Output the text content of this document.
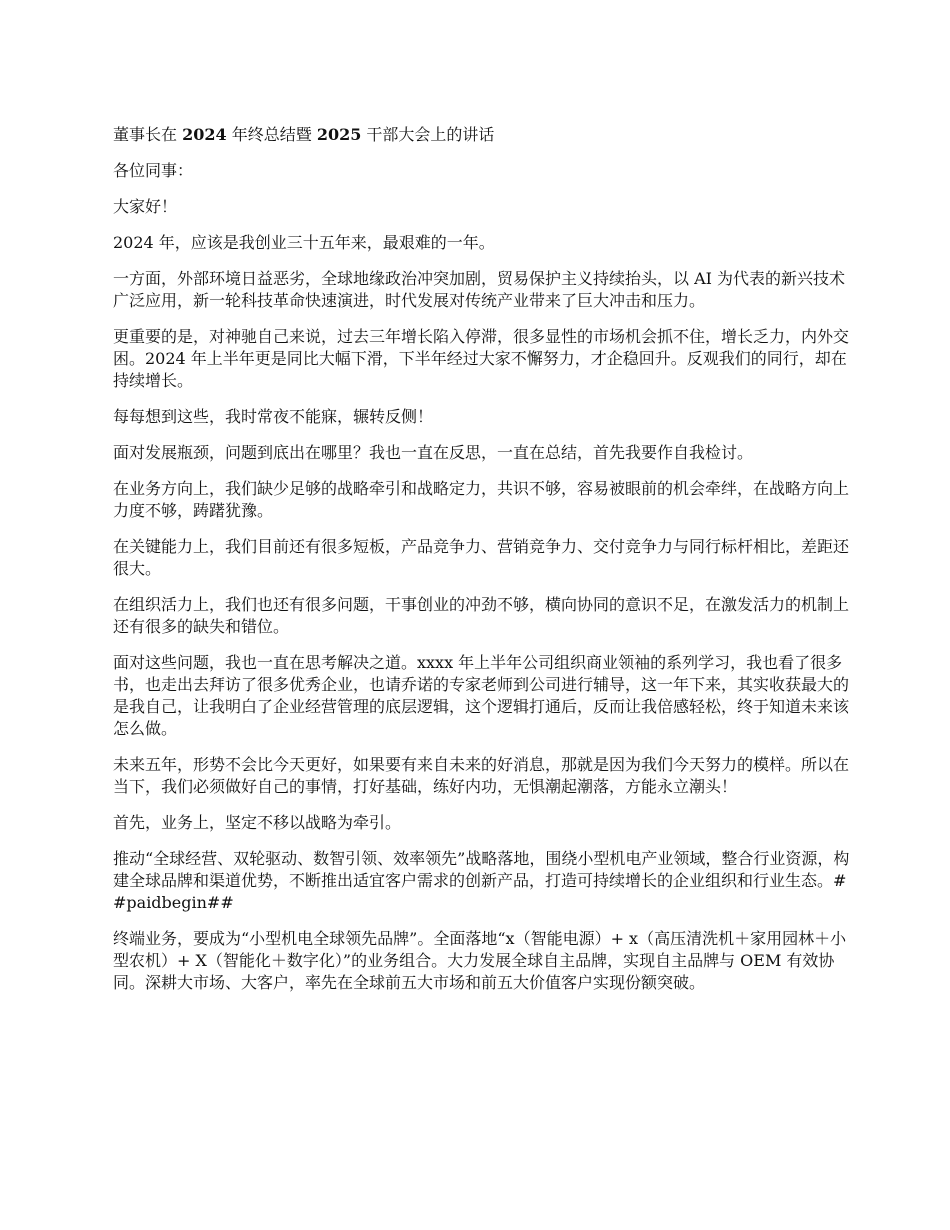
董事长在 2024 年终总结暨 2025 干部大会上的讲话

各位同事：

大家好！

2024 年，应该是我创业三十五年来，最艰难的一年。

一方面，外部环境日益恶劣，全球地缘政治冲突加剧，贸易保护主义持续抬头，以 AI 为代表的新兴技术广泛应用，新一轮科技革命快速演进，时代发展对传统产业带来了巨大冲击和压力。

更重要的是，对神驰自己来说，过去三年增长陷入停滞，很多显性的市场机会抓不住，增长乏力，内外交困。2024 年上半年更是同比大幅下滑，下半年经过大家不懈努力，才企稳回升。反观我们的同行，却在持续增长。

每每想到这些，我时常夜不能寐，辗转反侧！

面对发展瓶颈，问题到底出在哪里？我也一直在反思，一直在总结，首先我要作自我检讨。

在业务方向上，我们缺少足够的战略牵引和战略定力，共识不够，容易被眼前的机会牵绊，在战略方向上力度不够，踌躇犹豫。

在关键能力上，我们目前还有很多短板，产品竞争力、营销竞争力、交付竞争力与同行标杆相比，差距还很大。

在组织活力上，我们也还有很多问题，干事创业的冲劲不够，横向协同的意识不足，在激发活力的机制上还有很多的缺失和错位。

面对这些问题，我也一直在思考解决之道。xxxx 年上半年公司组织商业领袖的系列学习，我也看了很多书，也走出去拜访了很多优秀企业，也请乔诺的专家老师到公司进行辅导，这一年下来，其实收获最大的是我自己，让我明白了企业经营管理的底层逻辑，这个逻辑打通后，反而让我倍感轻松，终于知道未来该怎么做。

未来五年，形势不会比今天更好，如果要有来自未来的好消息，那就是因为我们今天努力的模样。所以在当下，我们必须做好自己的事情，打好基础，练好内功，无惧潮起潮落，方能永立潮头！

首先，业务上，坚定不移以战略为牵引。

推动“全球经营、双轮驱动、数智引领、效率领先”战略落地，围绕小型机电产业领域，整合行业资源，构建全球品牌和渠道优势，不断推出适宜客户需求的创新产品，打造可持续增长的企业组织和行业生态。##paidbegin##

终端业务，要成为“小型机电全球领先品牌”。全面落地“x（智能电源）+ x（高压清洗机＋家用园林＋小型农机）+ X（智能化＋数字化）”的业务组合。大力发展全球自主品牌，实现自主品牌与 OEM 有效协同。深耕大市场、大客户，率先在全球前五大市场和前五大价值客户实现份额突破。
